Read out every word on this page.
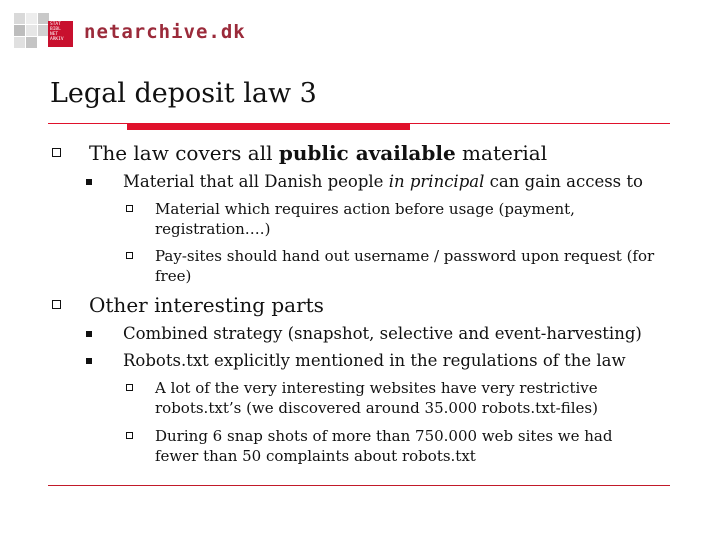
STAT BIBL NET ARKIV	netarchive.dk
Legal deposit law 3
The law covers all public available material
Material that all Danish people in principal can gain access to
Material which requires action before usage (payment, registration….)
Pay-sites should hand out username / password upon request (for free)
Other interesting parts
Combined strategy (snapshot, selective and event-harvesting)
Robots.txt explicitly mentioned in the regulations of the law
A lot of the very interesting websites have very restrictive robots.txt’s (we discovered around 35.000 robots.txt-files)
During 6 snap shots of more than 750.000 web sites we had fewer than 50 complaints about robots.txt
